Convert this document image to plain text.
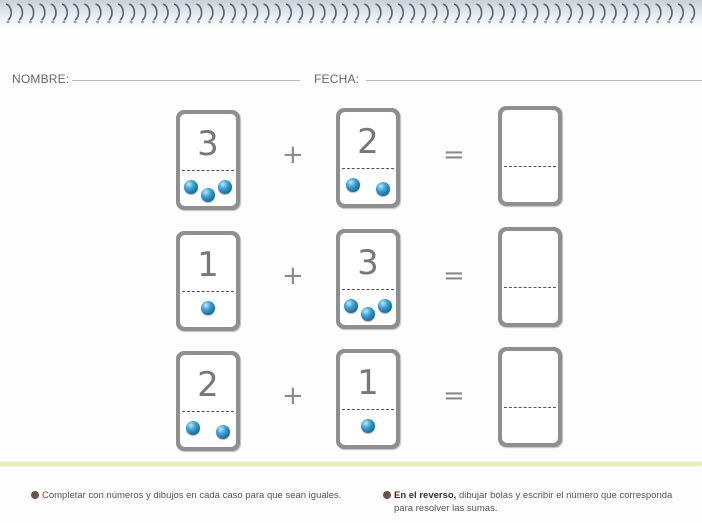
NOMBRE:	FECHA:
3	+	2	=
1	+	3	=
2	+	1	=
Completar con números y dibujos en cada caso para que sean iguales.	En el reverso, dibujar bolas y escribir el número que corresponda
para resolver las sumas.
